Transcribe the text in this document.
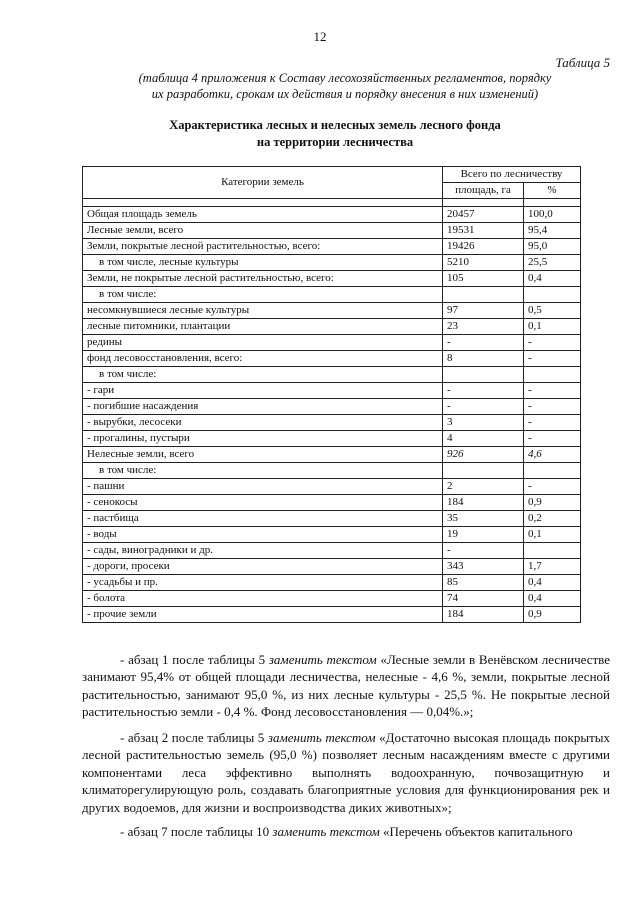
12
Таблица 5
(таблица 4 приложения к Составу лесохозяйственных регламентов, порядку
их разработки, срокам их действия и порядку внесения в них изменений)
Характеристика лесных и нелесных земель лесного фонда
на территории лесничества
Категории земель	Всего по лесничеству	
	площадь, га	%

Общая площадь земель	20457	100,0
Лесные земли, всего	19531	95,4
Земли, покрытые лесной растительностью, всего:	19426	95,0
в том числе, лесные культуры	5210	25,5
Земли, не покрытые лесной растительностью, всего:	105	0,4
в том числе:		
несомкнувшиеся лесные культуры	97	0,5
лесные питомники, плантации	23	0,1
редины	-	-
фонд лесовосстановления, всего:	8	-
в том числе:		
- гари	-	-
- погибшие насаждения	-	-
- вырубки, лесосеки	3	-
- прогалины, пустыри	4	-
Нелесные земли, всего	926	4,6
в том числе:		
- пашни	2	-
- сенокосы	184	0,9
- пастбища	35	0,2
- воды	19	0,1
- сады, виноградники и др.	-	
- дороги, просеки	343	1,7
- усадьбы и пр.	85	0,4
- болота	74	0,4
- прочие земли	184	0,9
- абзац 1 после таблицы 5 заменить текстом «Лесные земли в Венёвском лесничестве занимают 95,4% от общей площади лесничества, нелесные - 4,6 %, земли, покрытые лесной растительностью, занимают 95,0 %, из них лесные культуры - 25,5 %. Не покрытые лесной растительностью земли - 0,4 %. Фонд лесовосстановления — 0,04%.»;
- абзац 2 после таблицы 5 заменить текстом «Достаточно высокая площадь покрытых лесной растительностью земель (95,0 %) позволяет лесным насаждениям вместе с другими компонентами леса эффективно выполнять водоохранную, почвозащитную и климаторегулирующую роль, создавать благоприятные условия для функционирования рек и других водоемов, для жизни и воспроизводства диких животных»;
- абзац 7 после таблицы 10 заменить текстом «Перечень объектов капитального
